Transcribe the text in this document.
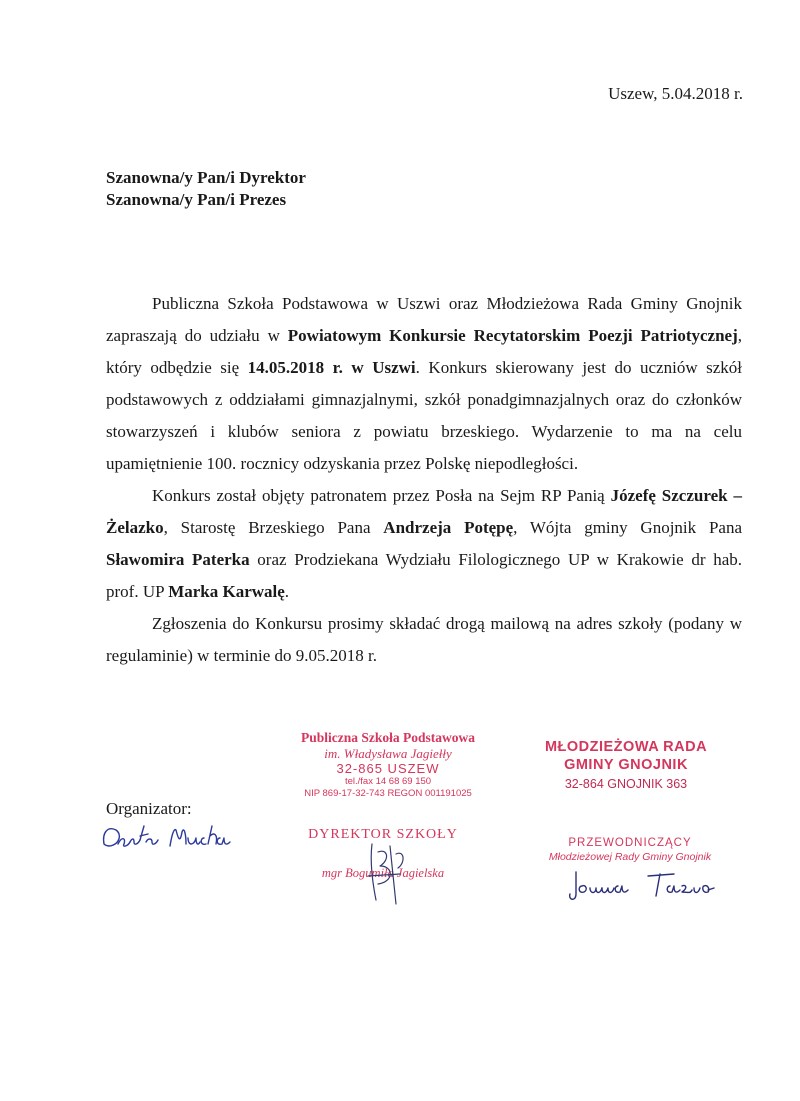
Uszew, 5.04.2018 r.
Szanowna/y Pan/i Dyrektor
Szanowna/y Pan/i Prezes

Publiczna Szkoła Podstawowa w Uszwi oraz Młodzieżowa Rada Gminy Gnojnik zapraszają do udziału w Powiatowym Konkursie Recytatorskim Poezji Patriotycznej, który odbędzie się 14.05.2018 r. w Uszwi. Konkurs skierowany jest do uczniów szkół podstawowych z oddziałami gimnazjalnymi, szkół ponadgimnazjalnych oraz do członków stowarzyszeń i klubów seniora z powiatu brzeskiego. Wydarzenie to ma na celu upamiętnienie 100. rocznicy odzyskania przez Polskę niepodległości.

Konkurs został objęty patronatem przez Posła na Sejm RP Panią Józefę Szczurek – Żelazko, Starostę Brzeskiego Pana Andrzeja Potępę, Wójta gminy Gnojnik Pana Sławomira Paterka oraz Prodziekana Wydziału Filologicznego UP w Krakowie dr hab. prof. UP Marka Karwalę.

Zgłoszenia do Konkursu prosimy składać drogą mailową na adres szkoły (podany w regulaminie) w terminie do 9.05.2018 r.

Publiczna Szkoła Podstawowa
im. Władysława Jagiełły
32-865 USZEW
tel./fax 14 68 69 150
NIP 869-17-32-743 REGON 001191025
MŁODZIEŻOWA RADA
GMINY GNOJNIK
32-864 GNOJNIK 363
Organizator:
DYREKTOR SZKOŁY
mgr Bogumiła Jagielska
PRZEWODNICZĄCY
Młodzieżowej Rady Gminy Gnojnik
